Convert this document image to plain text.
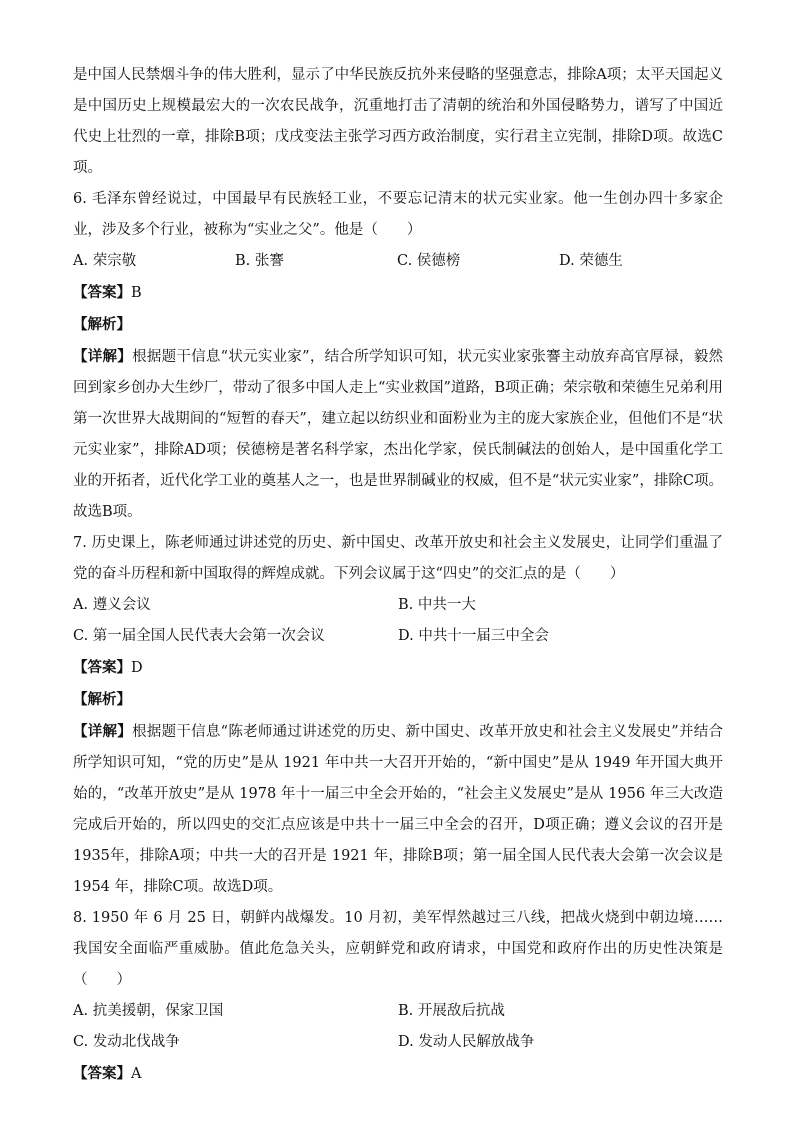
是中国人民禁烟斗争的伟大胜利，显示了中华民族反抗外来侵略的坚强意志，排除A项；太平天国起义是中国历史上规模最宏大的一次农民战争，沉重地打击了清朝的统治和外国侵略势力，谱写了中国近代史上壮烈的一章，排除B项；戊戌变法主张学习西方政治制度，实行君主立宪制，排除D项。故选C项。

6. 毛泽东曾经说过，中国最早有民族轻工业，不要忘记清末的状元实业家。他一生创办四十多家企业，涉及多个行业，被称为“实业之父”。他是（　　）

A. 荣宗敬	B. 张謇	C. 侯德榜	D. 荣德生

【答案】B

【解析】

【详解】根据题干信息“状元实业家”，结合所学知识可知，状元实业家张謇主动放弃高官厚禄，毅然回到家乡创办大生纱厂，带动了很多中国人走上“实业救国”道路，B项正确；荣宗敬和荣德生兄弟利用第一次世界大战期间的“短暂的春天”，建立起以纺织业和面粉业为主的庞大家族企业，但他们不是“状元实业家”，排除AD项；侯德榜是著名科学家，杰出化学家，侯氏制碱法的创始人，是中国重化学工业的开拓者，近代化学工业的奠基人之一，也是世界制碱业的权威，但不是“状元实业家”，排除C项。故选B项。

7. 历史课上，陈老师通过讲述党的历史、新中国史、改革开放史和社会主义发展史，让同学们重温了党的奋斗历程和新中国取得的辉煌成就。下列会议属于这“四史”的交汇点的是（　　）

A. 遵义会议	B. 中共一大
C. 第一届全国人民代表大会第一次会议	D. 中共十一届三中全会

【答案】D

【解析】

【详解】根据题干信息“陈老师通过讲述党的历史、新中国史、改革开放史和社会主义发展史”并结合所学知识可知，“党的历史”是从 1921 年中共一大召开开始的，“新中国史”是从 1949 年开国大典开始的，“改革开放史”是从 1978 年十一届三中全会开始的，“社会主义发展史”是从 1956 年三大改造完成后开始的，所以四史的交汇点应该是中共十一届三中全会的召开，D项正确；遵义会议的召开是1935年，排除A项；中共一大的召开是 1921 年，排除B项；第一届全国人民代表大会第一次会议是 1954 年，排除C项。故选D项。

8. 1950 年 6 月 25 日，朝鲜内战爆发。10 月初，美军悍然越过三八线，把战火烧到中朝边境……我国安全面临严重威胁。值此危急关头，应朝鲜党和政府请求，中国党和政府作出的历史性决策是（　　）

A. 抗美援朝，保家卫国	B. 开展敌后抗战
C. 发动北伐战争	D. 发动人民解放战争

【答案】A
